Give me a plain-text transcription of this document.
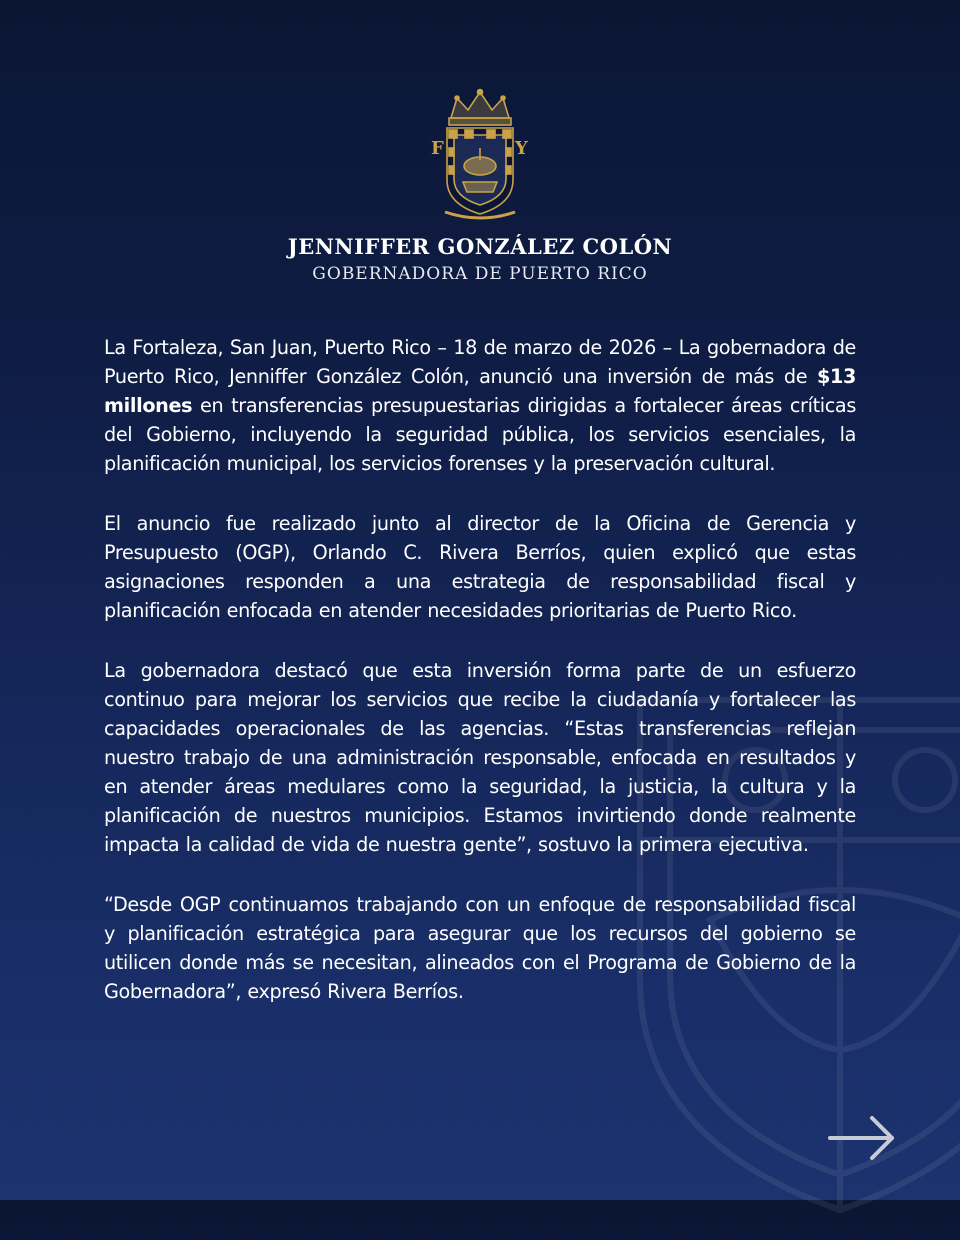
F	Y
JENNIFFER GONZÁLEZ COLÓN
GOBERNADORA DE PUERTO RICO

La Fortaleza, San Juan, Puerto Rico – 18 de marzo de 2026 – La gobernadora de Puerto Rico, Jenniffer González Colón, anunció una inversión de más de $13 millones en transferencias presupuestarias dirigidas a fortalecer áreas críticas del Gobierno, incluyendo la seguridad pública, los servicios esenciales, la planificación municipal, los servicios forenses y la preservación cultural.

El anuncio fue realizado junto al director de la Oficina de Gerencia y Presupuesto (OGP), Orlando C. Rivera Berríos, quien explicó que estas asignaciones responden a una estrategia de responsabilidad fiscal y planificación enfocada en atender necesidades prioritarias de Puerto Rico.

La gobernadora destacó que esta inversión forma parte de un esfuerzo continuo para mejorar los servicios que recibe la ciudadanía y fortalecer las capacidades operacionales de las agencias. “Estas transferencias reflejan nuestro trabajo de una administración responsable, enfocada en resultados y en atender áreas medulares como la seguridad, la justicia, la cultura y la planificación de nuestros municipios. Estamos invirtiendo donde realmente impacta la calidad de vida de nuestra gente”, sostuvo la primera ejecutiva.

“Desde OGP continuamos trabajando con un enfoque de responsabilidad fiscal y planificación estratégica para asegurar que los recursos del gobierno se utilicen donde más se necesitan, alineados con el Programa de Gobierno de la Gobernadora”, expresó Rivera Berríos.
